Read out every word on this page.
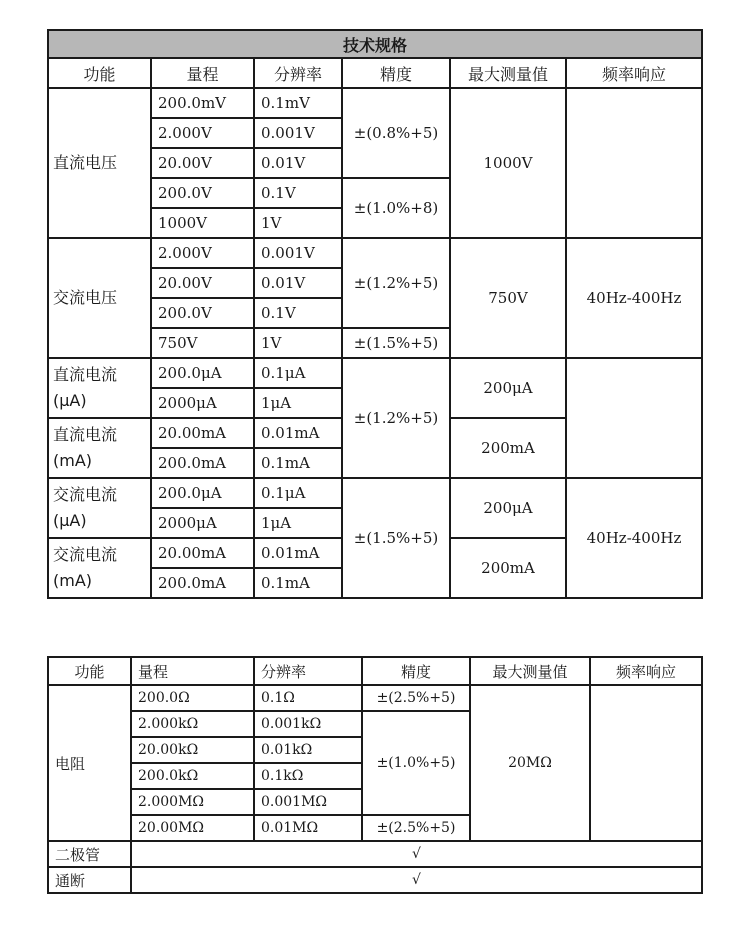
技术规格					
功能	量程	分辨率	精度	最大测量值	频率响应
直流电压	200.0mV	0.1mV	±(0.8%+5)	1000V	
	2.000V	0.001V			
	20.00V	0.01V			
	200.0V	0.1V	±(1.0%+8)		
	1000V	1V			
交流电压	2.000V	0.001V	±(1.2%+5)	750V	40Hz-400Hz
	20.00V	0.01V			
	200.0V	0.1V			
	750V	1V	±(1.5%+5)		
直流电流
(μA)	200.0μA	0.1μA	±(1.2%+5)	200μA	
	2000μA	1μA			
直流电流
(mA)	20.00mA	0.01mA		200mA	
	200.0mA	0.1mA			
交流电流
(μA)	200.0μA	0.1μA	±(1.5%+5)	200μA	40Hz-400Hz
	2000μA	1μA			
交流电流
(mA)	20.00mA	0.01mA		200mA	
	200.0mA	0.1mA			
功能	量程	分辨率	精度	最大测量值	频率响应
电阻	200.0Ω	0.1Ω	±(2.5%+5)	20MΩ	
	2.000kΩ	0.001kΩ	±(1.0%+5)		
	20.00kΩ	0.01kΩ			
	200.0kΩ	0.1kΩ			
	2.000MΩ	0.001MΩ			
	20.00MΩ	0.01MΩ	±(2.5%+5)		
二极管	√				
通断	√				
